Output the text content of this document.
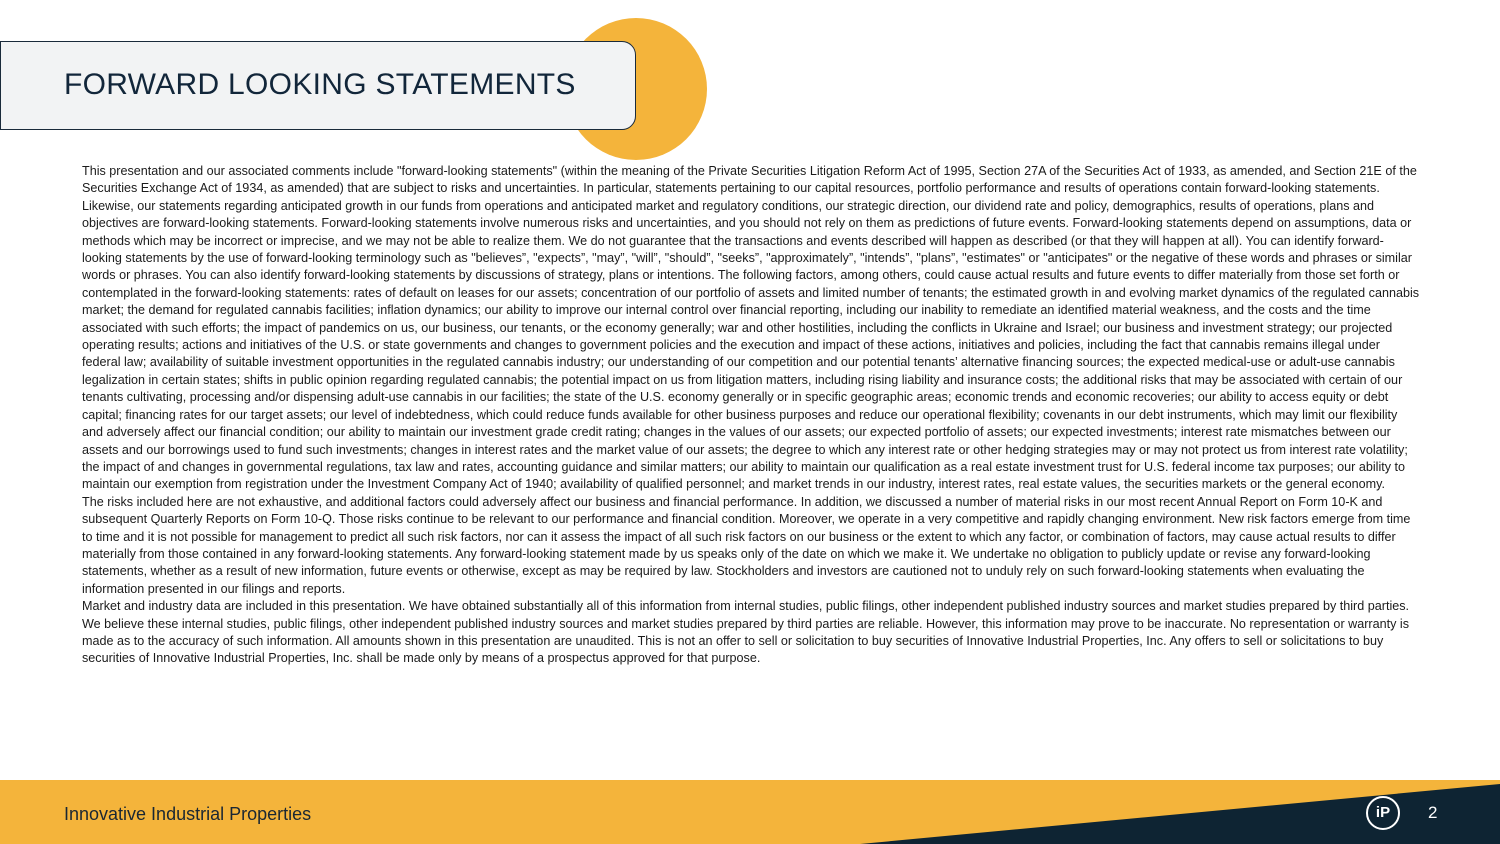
FORWARD LOOKING STATEMENTS

This presentation and our associated comments include "forward-looking statements" (within the meaning of the Private Securities Litigation Reform Act of 1995, Section 27A of the Securities Act of 1933, as amended, and Section 21E of the Securities Exchange Act of 1934, as amended) that are subject to risks and uncertainties. In particular, statements pertaining to our capital resources, portfolio performance and results of operations contain forward-looking statements. Likewise, our statements regarding anticipated growth in our funds from operations and anticipated market and regulatory conditions, our strategic direction, our dividend rate and policy, demographics, results of operations, plans and objectives are forward-looking statements. Forward-looking statements involve numerous risks and uncertainties, and you should not rely on them as predictions of future events. Forward-looking statements depend on assumptions, data or methods which may be incorrect or imprecise, and we may not be able to realize them. We do not guarantee that the transactions and events described will happen as described (or that they will happen at all). You can identify forward-looking statements by the use of forward-looking terminology such as "believes”, "expects”, "may”, "will”, "should”, "seeks”, "approximately”, "intends”, "plans”, "estimates" or "anticipates" or the negative of these words and phrases or similar words or phrases. You can also identify forward-looking statements by discussions of strategy, plans or intentions. The following factors, among others, could cause actual results and future events to differ materially from those set forth or contemplated in the forward-looking statements: rates of default on leases for our assets; concentration of our portfolio of assets and limited number of tenants; the estimated growth in and evolving market dynamics of the regulated cannabis market; the demand for regulated cannabis facilities; inflation dynamics; our ability to improve our internal control over financial reporting, including our inability to remediate an identified material weakness, and the costs and the time associated with such efforts; the impact of pandemics on us, our business, our tenants, or the economy generally; war and other hostilities, including the conflicts in Ukraine and Israel; our business and investment strategy; our projected operating results; actions and initiatives of the U.S. or state governments and changes to government policies and the execution and impact of these actions, initiatives and policies, including the fact that cannabis remains illegal under federal law; availability of suitable investment opportunities in the regulated cannabis industry; our understanding of our competition and our potential tenants’ alternative financing sources; the expected medical-use or adult-use cannabis legalization in certain states; shifts in public opinion regarding regulated cannabis; the potential impact on us from litigation matters, including rising liability and insurance costs; the additional risks that may be associated with certain of our tenants cultivating, processing and/or dispensing adult-use cannabis in our facilities; the state of the U.S. economy generally or in specific geographic areas; economic trends and economic recoveries; our ability to access equity or debt capital; financing rates for our target assets; our level of indebtedness, which could reduce funds available for other business purposes and reduce our operational flexibility; covenants in our debt instruments, which may limit our flexibility and adversely affect our financial condition; our ability to maintain our investment grade credit rating; changes in the values of our assets; our expected portfolio of assets; our expected investments; interest rate mismatches between our assets and our borrowings used to fund such investments; changes in interest rates and the market value of our assets; the degree to which any interest rate or other hedging strategies may or may not protect us from interest rate volatility; the impact of and changes in governmental regulations, tax law and rates, accounting guidance and similar matters; our ability to maintain our qualification as a real estate investment trust for U.S. federal income tax purposes; our ability to maintain our exemption from registration under the Investment Company Act of 1940; availability of qualified personnel; and market trends in our industry, interest rates, real estate values, the securities markets or the general economy.

The risks included here are not exhaustive, and additional factors could adversely affect our business and financial performance. In addition, we discussed a number of material risks in our most recent Annual Report on Form 10-K and subsequent Quarterly Reports on Form 10-Q. Those risks continue to be relevant to our performance and financial condition. Moreover, we operate in a very competitive and rapidly changing environment. New risk factors emerge from time to time and it is not possible for management to predict all such risk factors, nor can it assess the impact of all such risk factors on our business or the extent to which any factor, or combination of factors, may cause actual results to differ materially from those contained in any forward-looking statements. Any forward-looking statement made by us speaks only of the date on which we make it. We undertake no obligation to publicly update or revise any forward-looking statements, whether as a result of new information, future events or otherwise, except as may be required by law. Stockholders and investors are cautioned not to unduly rely on such forward-looking statements when evaluating the information presented in our filings and reports.

Market and industry data are included in this presentation. We have obtained substantially all of this information from internal studies, public filings, other independent published industry sources and market studies prepared by third parties. We believe these internal studies, public filings, other independent published industry sources and market studies prepared by third parties are reliable. However, this information may prove to be inaccurate. No representation or warranty is made as to the accuracy of such information. All amounts shown in this presentation are unaudited. This is not an offer to sell or solicitation to buy securities of Innovative Industrial Properties, Inc. Any offers to sell or solicitations to buy securities of Innovative Industrial Properties, Inc. shall be made only by means of a prospectus approved for that purpose.

Innovative Industrial Properties	iP	2
